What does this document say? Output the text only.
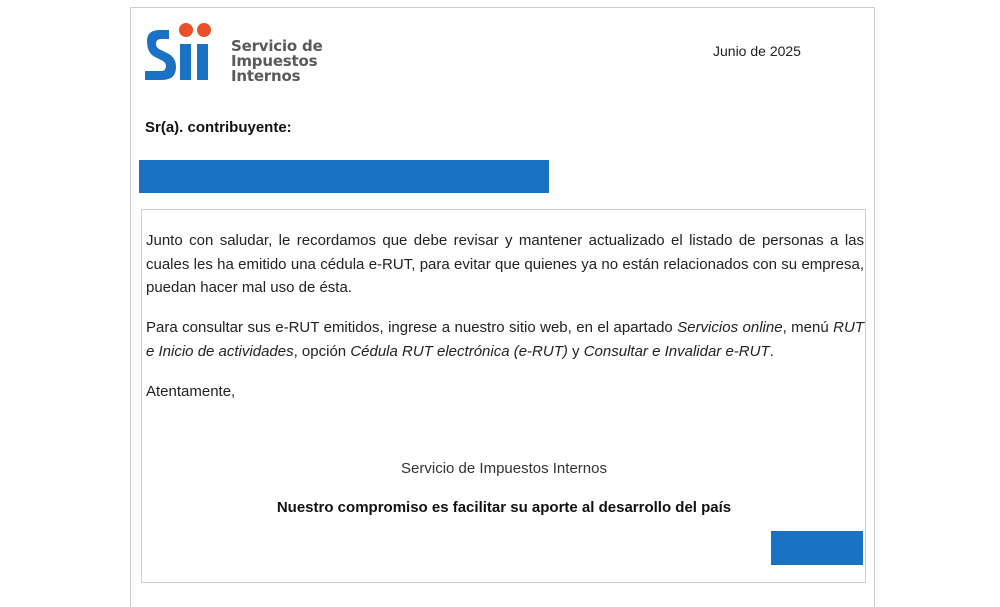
Servicio de
Impuestos
Internos
Junio de 2025
Sr(a). contribuyente:
Junto con saludar, le recordamos que debe revisar y mantener actualizado el listado de personas a las cuales les ha emitido una cédula e-RUT, para evitar que quienes ya no están relacionados con su empresa, puedan hacer mal uso de ésta.
Para consultar sus e-RUT emitidos, ingrese a nuestro sitio web, en el apartado Servicios online, menú RUT e Inicio de actividades, opción Cédula RUT electrónica (e-RUT) y Consultar e Invalidar e-RUT.
Atentamente,
Servicio de Impuestos Internos
Nuestro compromiso es facilitar su aporte al desarrollo del país
